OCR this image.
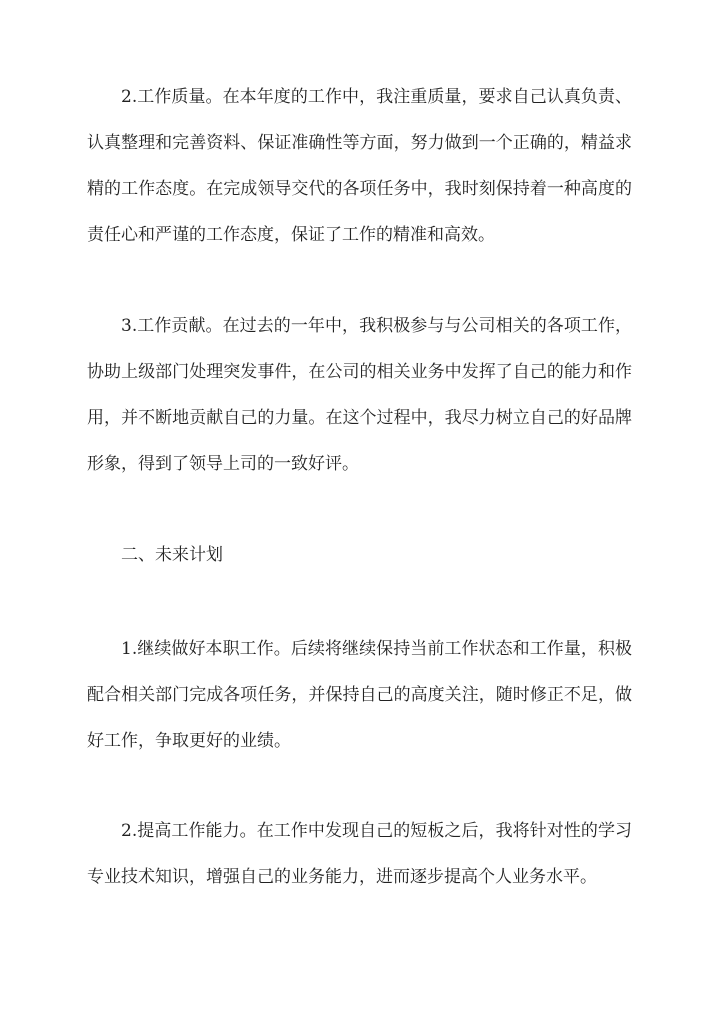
2.工作质量。在本年度的工作中，我注重质量，要求自己认真负责、认真整理和完善资料、保证准确性等方面，努力做到一个正确的，精益求精的工作态度。在完成领导交代的各项任务中，我时刻保持着一种高度的责任心和严谨的工作态度，保证了工作的精准和高效。

3.工作贡献。在过去的一年中，我积极参与与公司相关的各项工作，协助上级部门处理突发事件，在公司的相关业务中发挥了自己的能力和作用，并不断地贡献自己的力量。在这个过程中，我尽力树立自己的好品牌形象，得到了领导上司的一致好评。

二、未来计划

1.继续做好本职工作。后续将继续保持当前工作状态和工作量，积极配合相关部门完成各项任务，并保持自己的高度关注，随时修正不足，做好工作，争取更好的业绩。

2.提高工作能力。在工作中发现自己的短板之后，我将针对性的学习专业技术知识，增强自己的业务能力，进而逐步提高个人业务水平。
